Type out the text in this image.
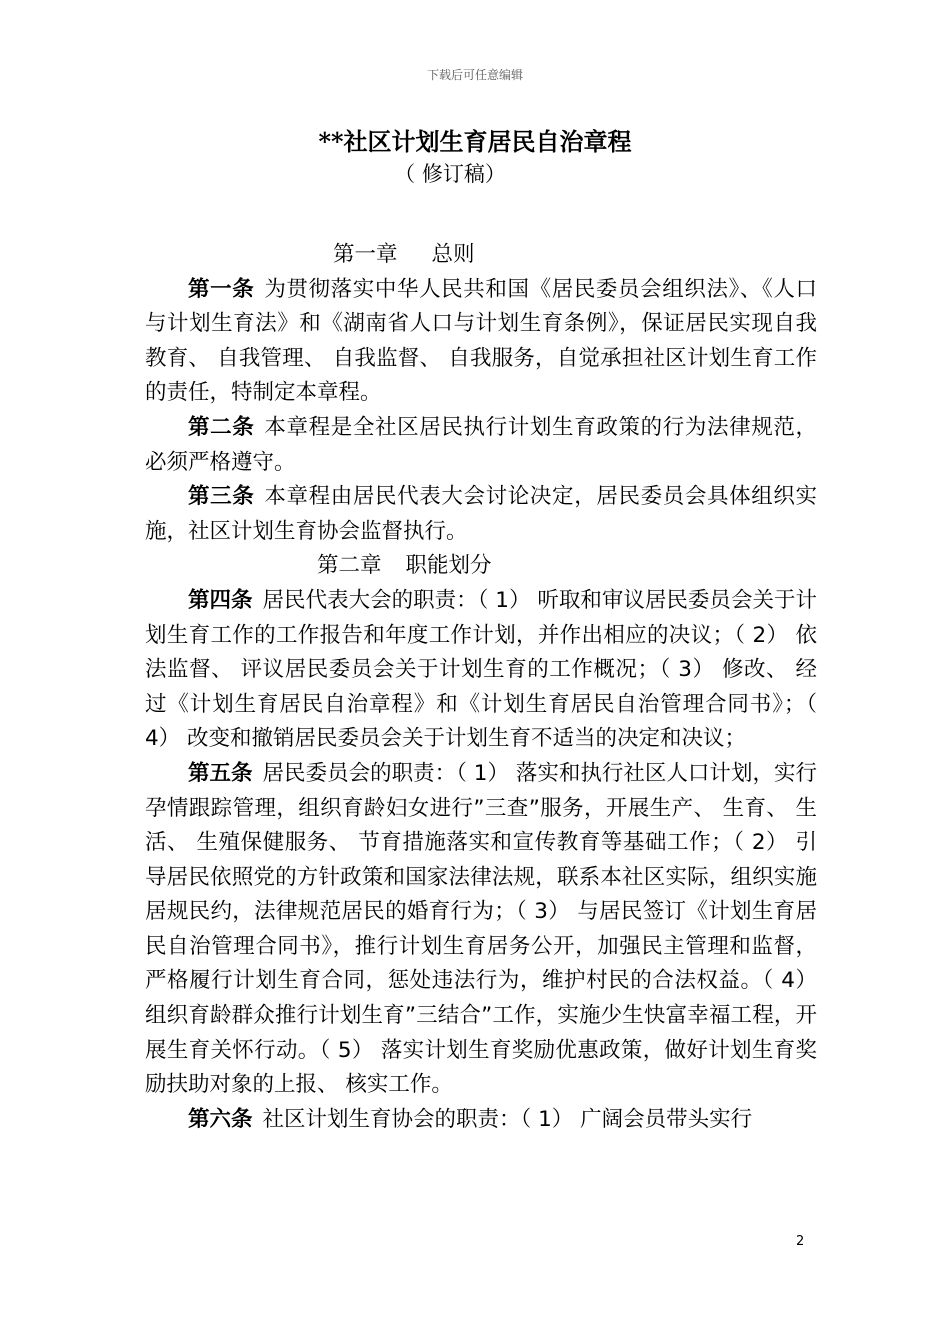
下载后可任意编辑
**社区计划生育居民自治章程
（ 修订稿）
第一章 总则
第一条 为贯彻落实中华人民共和国《居民委员会组织法》、《人口与计划生育法》和《湖南省人口与计划生育条例》，保证居民实现自我教育、 自我管理、 自我监督、 自我服务，自觉承担社区计划生育工作的责任，特制定本章程。
第二条 本章程是全社区居民执行计划生育政策的行为法律规范，必须严格遵守。
第三条 本章程由居民代表大会讨论决定，居民委员会具体组织实施，社区计划生育协会监督执行。
第二章 职能划分
第四条 居民代表大会的职责：（ 1） 听取和审议居民委员会关于计划生育工作的工作报告和年度工作计划，并作出相应的决议；（ 2） 依法监督、 评议居民委员会关于计划生育的工作概况；（ 3） 修改、 经过《计划生育居民自治章程》和《计划生育居民自治管理合同书》；（ 4） 改变和撤销居民委员会关于计划生育不适当的决定和决议；
第五条 居民委员会的职责：（ 1） 落实和执行社区人口计划，实行孕情跟踪管理，组织育龄妇女进行”三查”服务，开展生产、 生育、 生活、 生殖保健服务、 节育措施落实和宣传教育等基础工作；（ 2） 引导居民依照党的方针政策和国家法律法规，联系本社区实际，组织实施居规民约，法律规范居民的婚育行为；（ 3） 与居民签订《计划生育居民自治管理合同书》，推行计划生育居务公开，加强民主管理和监督，严格履行计划生育合同，惩处违法行为，维护村民的合法权益。（ 4） 组织育龄群众推行计划生育”三结合”工作，实施少生快富幸福工程，开展生育关怀行动。（ 5） 落实计划生育奖励优惠政策，做好计划生育奖励扶助对象的上报、 核实工作。
第六条 社区计划生育协会的职责：（ 1） 广阔会员带头实行
2
